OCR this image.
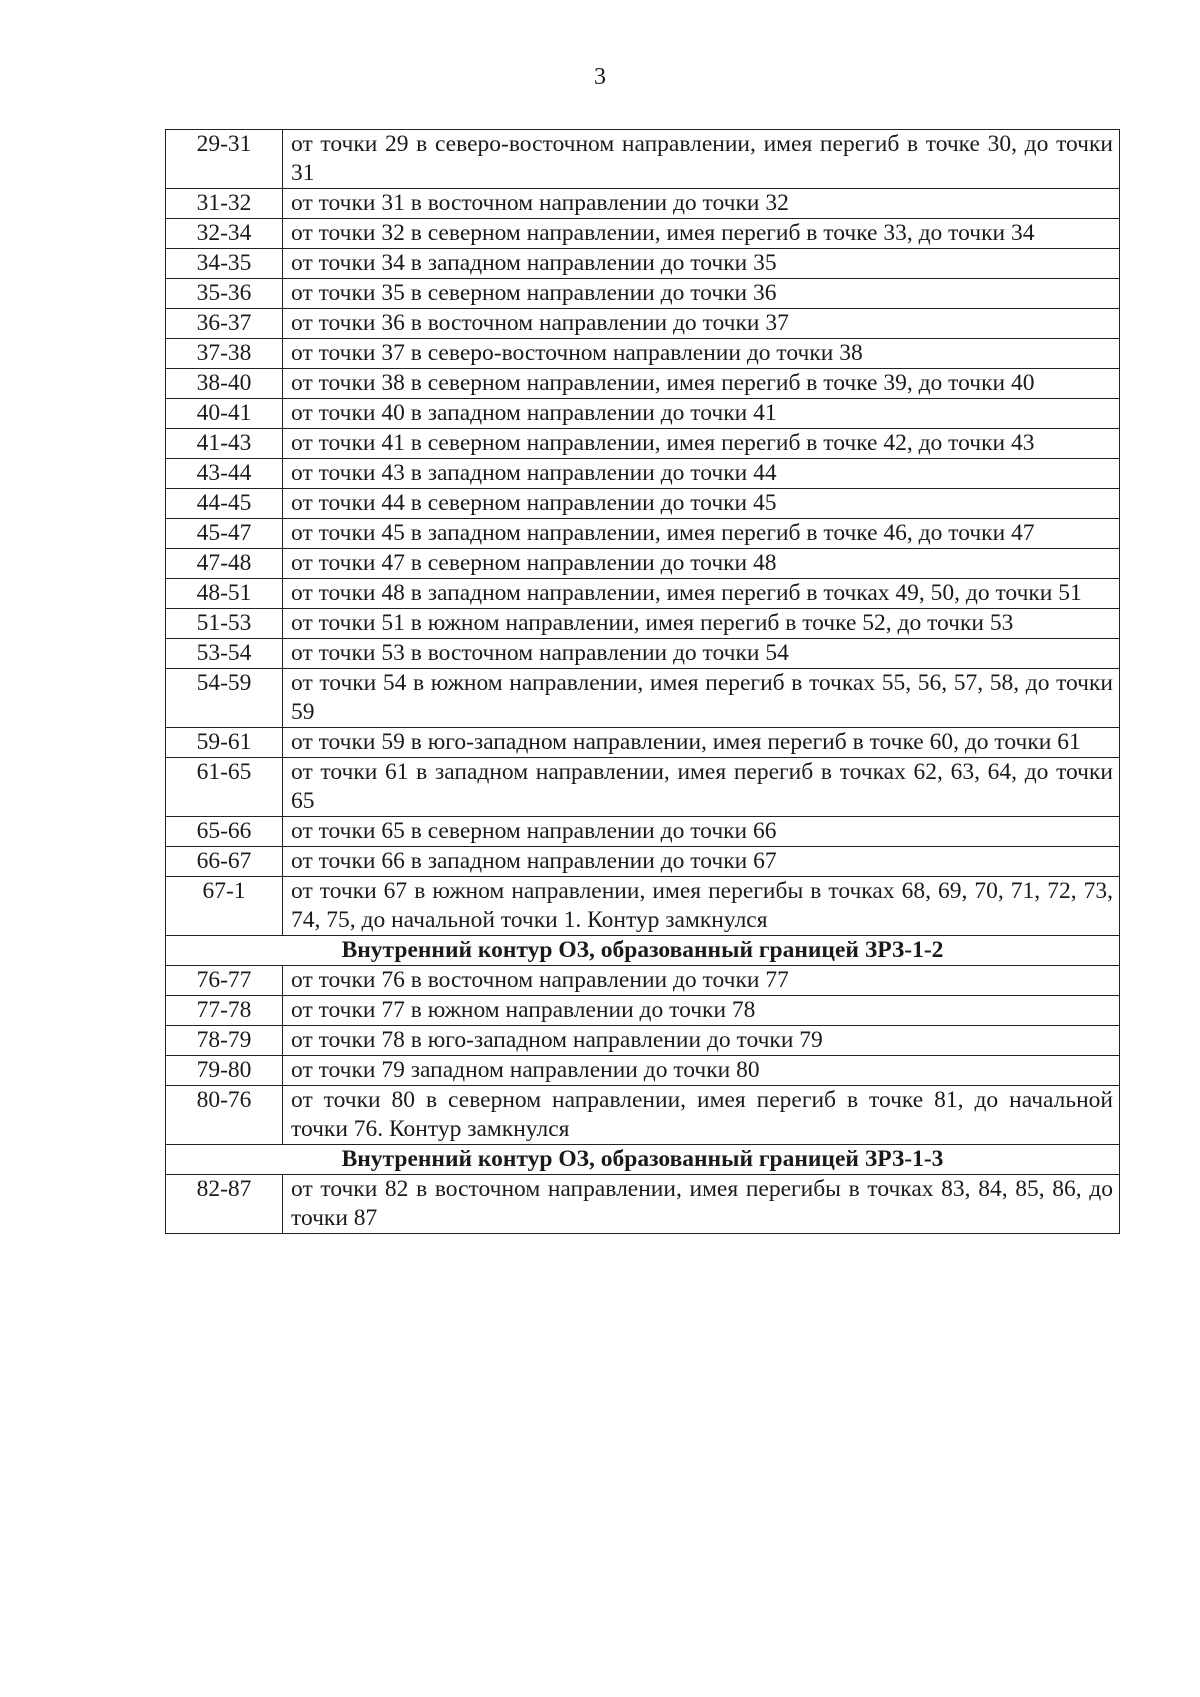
3
29-31	от точки 29 в северо-восточном направлении, имея перегиб в точке 30, до точки 31
31-32	от точки 31 в восточном направлении до точки 32
32-34	от точки 32 в северном направлении, имея перегиб в точке 33, до точки 34
34-35	от точки 34 в западном направлении до точки 35
35-36	от точки 35 в северном направлении до точки 36
36-37	от точки 36 в восточном направлении до точки 37
37-38	от точки 37 в северо-восточном направлении до точки 38
38-40	от точки 38 в северном направлении, имея перегиб в точке 39, до точки 40
40-41	от точки 40 в западном направлении до точки 41
41-43	от точки 41 в северном направлении, имея перегиб в точке 42, до точки 43
43-44	от точки 43 в западном направлении до точки 44
44-45	от точки 44 в северном направлении до точки 45
45-47	от точки 45 в западном направлении, имея перегиб в точке 46, до точки 47
47-48	от точки 47 в северном направлении до точки 48
48-51	от точки 48 в западном направлении, имея перегиб в точках 49, 50, до точки 51
51-53	от точки 51 в южном направлении, имея перегиб в точке 52, до точки 53
53-54	от точки 53 в восточном направлении до точки 54
54-59	от точки 54 в южном направлении, имея перегиб в точках 55, 56, 57, 58, до точки 59
59-61	от точки 59 в юго-западном направлении, имея перегиб в точке 60, до точки 61
61-65	от точки 61 в западном направлении, имея перегиб в точках 62, 63, 64, до точки 65
65-66	от точки 65 в северном направлении до точки 66
66-67	от точки 66 в западном направлении до точки 67
67-1	от точки 67 в южном направлении, имея перегибы в точках 68, 69, 70, 71, 72, 73, 74, 75, до начальной точки 1. Контур замкнулся
Внутренний контур ОЗ, образованный границей ЗРЗ-1-2	
76-77	от точки 76 в восточном направлении до точки 77
77-78	от точки 77 в южном направлении до точки 78
78-79	от точки 78 в юго-западном направлении до точки 79
79-80	от точки 79 западном направлении до точки 80
80-76	от точки 80 в северном направлении, имея перегиб в точке 81, до начальной точки 76. Контур замкнулся
Внутренний контур ОЗ, образованный границей ЗРЗ-1-3	
82-87	от точки 82 в восточном направлении, имея перегибы в точках 83, 84, 85, 86, до точки 87
